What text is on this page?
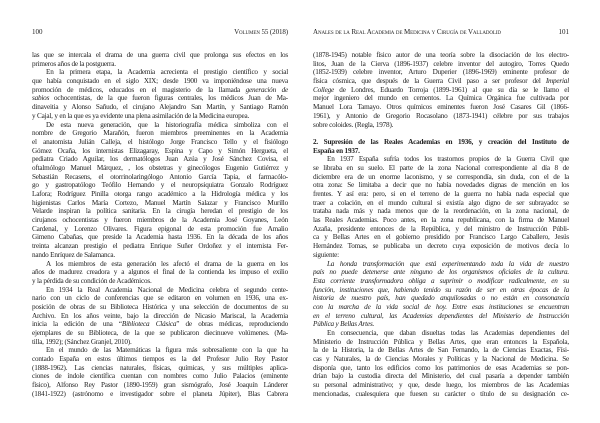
100	Volumen 55 (2018)
las que se intercala el drama de una guerra civil que prolonga sus efectos en los
primeros años de la postguerra.
En la primera etapa, la Academia acrecienta el prestigio científico y social
que había conquistado en el siglo XIX; desde 1900 va imponiéndose una nueva
promoción de médicos, educados en el magisterio de la llamada generación de
sabios ochocentistas, de la que fueron figuras centrales, los médicos Juan de Ma-
dinaveitia y Alonso Sañudo, el cirujano Alejandro San Martín, y Santiago Ramón
y Cajal, y en la que es ya evidente una plena asimilación de la Medicina europea.
De esta nueva generación, que la historiografía médica simboliza con el
nombre de Gregorio Marañón, fueron miembros preeminentes en la Academia
el anatomista Julián Calleja, el histólogo Jorge Francisco Tello y el fisiólogo
Gómez Ocaña, los internistas Elizagaray, Espina y Capo y Simón Hergueta, el
pediatra Criado Aguilar, los dermatólogos Juan Azúa y José Sánchez Covisa, el
oftalmólogo Manuel Márquez, , los obstetras y ginecólogos Eugenio Gutiérrez y
Sebastián Recasens, el otorrinolaringólogo Antonio García Tapia, el farmacólo-
go y gastropatólogo Teófilo Hernando y el neuropsiquiatra Gonzalo Rodríguez
Lafora; Rodríguez Pinilla otorga rango académico a la Hidrología médica y los
higienistas Carlos María Cortezo, Manuel Martín Salazar y Francisco Murillo
Velarde inspiran la política sanitaria. En la cirugía heredan el prestigio de los
cirujanos ochocentistas y fueron miembros de la Academia José Goyanes, León
Cardenal, y Lorenzo Olivares. Figura epigonal de esta promoción fue Amalio
Gimeno Cabañas, que preside la Academia hasta 1936. En la década de los años
treinta alcanzan prestigio el pediatra Enrique Suñer Ordoñez y el internista Fer-
nando Enríquez de Salamanca.
A los miembros de esta generación les afectó el drama de la guerra en los
años de madurez creadora y a algunos el final de la contienda les impuso el exilio
y la pérdida de su condición de Académicos.
En 1934 la Real Academia Nacional de Medicina celebra el segundo cente-
nario con un ciclo de conferencias que se editaron en volumen en 1936, una ex-
posición de obras de su Biblioteca Histórica y una selección de documentos de su
Archivo. En los años veinte, bajo la dirección de Nicasio Mariscal, la Academia
inicia la edición de una “Biblioteca Clásica” de obras médicas, reproduciendo
ejemplares de su Biblioteca, de la que se publicaron diecinueve volúmenes. (Ma-
tilla, 1992); (Sánchez Granjel, 2010).
En el mundo de las Matemáticas la figura más sobresaliente con la que ha
contado España en estos últimos tiempos es la del Profesor Julio Rey Pastor
(1888-1962). Las ciencias naturales, físicas, químicas, y sus múltiples aplica-
ciones de índole científica cuentan con nombres como Julio Palacios (eminente
físico), Alfonso Rey Pastor (1890-1959) gran sismógrafo, José Joaquín Lánderer
(1841-1922) (astrónomo e investigador sobre el planeta Júpiter), Blas Cabrera
Anales de la Real Academia de Medicina y Cirugía de Valladolid	101
(1878-1945) notable físico autor de una teoría sobre la disociación de los electro-
litos, Juan de la Cierva (1896-1937) celebre inventor del autogiro, Torres Quedo
(1852-1939) celebre inventor, Arturo Duperier (1896-1969) eminente profesor de
física cósmica, que después de la Guerra Civil paso a ser profesor del Imperial
College de Londres, Eduardo Torroja (1899-1961) al que su día se le llamo el
mejor ingeniero del mundo en cementos. La Química Orgánica fue cultivada por
Manuel Lora Tamayo. Otros químicos eminentes fueron José Casares Gil (1866-
1961), y Antonio de Gregorio Rocasolano (1873-1941) célebre por sus trabajos
sobre coloides. (Regla, 1978).
2. Supresión de las Reales Academias en 1936, y creación del Instituto de
España en 1937.
En 1937 España sufría todos los trastornos propios de la Guerra Civil que
se libraba en su suelo. El parte de la zona Nacional correspondiente al día 8 de
diciembre era de un enorme laconismo, y se correspondía, sin duda, con el de la
otra zona: Se limitaba a decir que no había novedades dignas de mención en los
frentes. Y así era: pero, si en el terreno de la guerra no había nada especial que
traer a colación, en el mundo cultural si existía algo digno de ser subrayado: se
trataba nada más y nada menos que de la reordenación, en la zona nacional, de
las Reales Academias. Poco antes, en la zona republicana, con la firma de Manuel
Azaña, presidente entonces de la República, y del ministro de Instrucción Públi-
ca y Bellas Artes en el gobierno presidido por Francisco Largo Caballero, Jesús
Hernández Tomas, se publicaba un decreto cuya exposición de motivos decía lo
siguiente:
La honda transformación que está experimentando toda la vida de nuestro
país no puede detenerse ante ninguno de los organismos oficiales de la cultura.
Esta corriente transformadora obliga a suprimir o modificar radicalmente, en su
función, instituciones que, habiendo tenido su razón de ser en otras épocas de la
historia de nuestro país, han quedado anquilosadas o no están en consonancia
con la marcha de la vida social de hoy. Entre esas instituciones se encuentran
en el terreno cultural, las Academias dependientes del Ministerio de Instrucción
Pública y Bellas Artes.
En consecuencia, que daban disueltas todas las Academias dependientes del
Ministerio de Instrucción Pública y Bellas Artes, que eran entonces la Española,
la de la Historia, la de Bellas Artes de San Fernando, la de Ciencias Exactas, Físi-
cas y Naturales, la de Ciencias Morales y Políticas y la Nacional de Medicina. Se
disponía que, tanto los edificios como los patrimonios de esas Academias se pon-
drían bajo la custodia directa del Ministerio, del cual pasaría a depender también
su personal administrativo; y que, desde luego, los miembros de las Academias
mencionadas, cualesquiera que fuesen su carácter o título de su designación ce-
